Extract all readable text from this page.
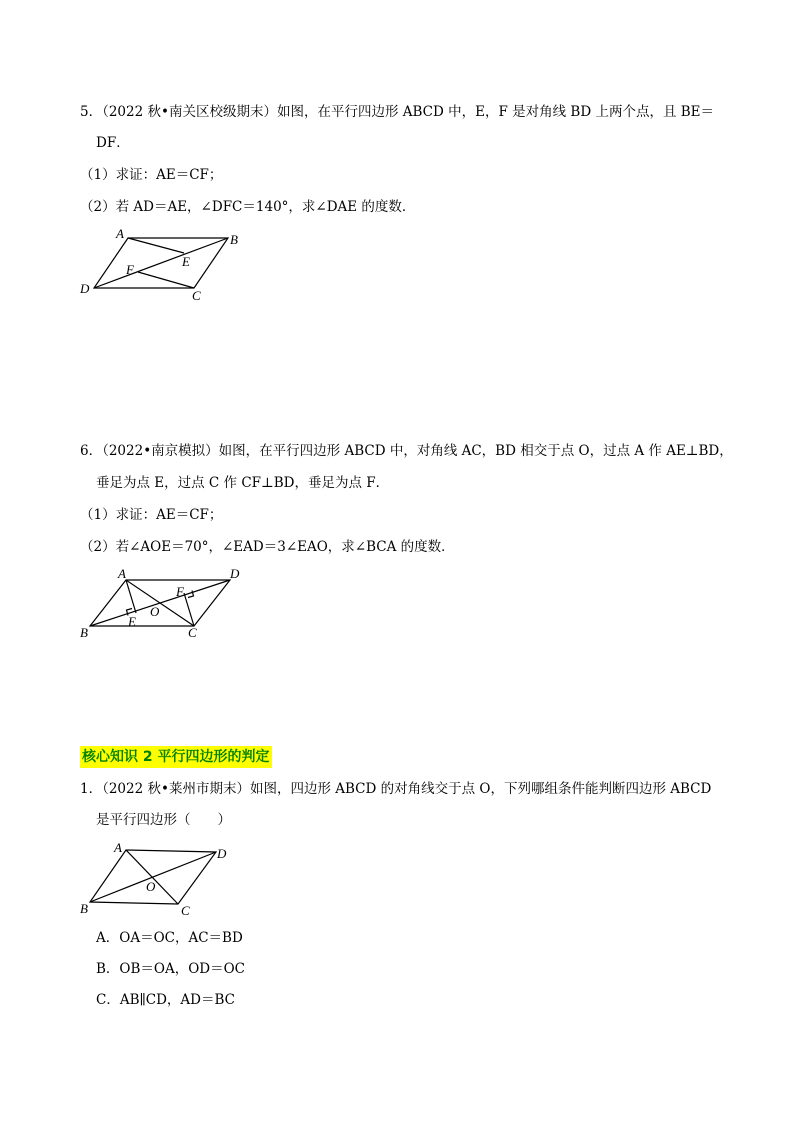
5．（2022 秋•南关区校级期末）如图，在平行四边形 ABCD 中，E，F 是对角线 BD 上两个点，且 BE＝
DF．
（1）求证：AE＝CF；
（2）若 AD＝AE，∠DFC＝140°，求∠DAE 的度数．
A	B
C
D
E
F
6．（2022•南京模拟）如图，在平行四边形 ABCD 中，对角线 AC，BD 相交于点 O，过点 A 作 AE⊥BD，
垂足为点 E，过点 C 作 CF⊥BD，垂足为点 F．
（1）求证：AE＝CF；
（2）若∠AOE＝70°，∠EAD＝3∠EAO，求∠BCA 的度数．
A	D
B	C
E
F
O
核心知识 2 平行四边形的判定
1．（2022 秋•莱州市期末）如图，四边形 ABCD 的对角线交于点 O，下列哪组条件能判断四边形 ABCD
是平行四边形（　　）
A	D
B	C
O
A．OA＝OC，AC＝BD
B．OB＝OA，OD＝OC
C．AB∥CD，AD＝BC
